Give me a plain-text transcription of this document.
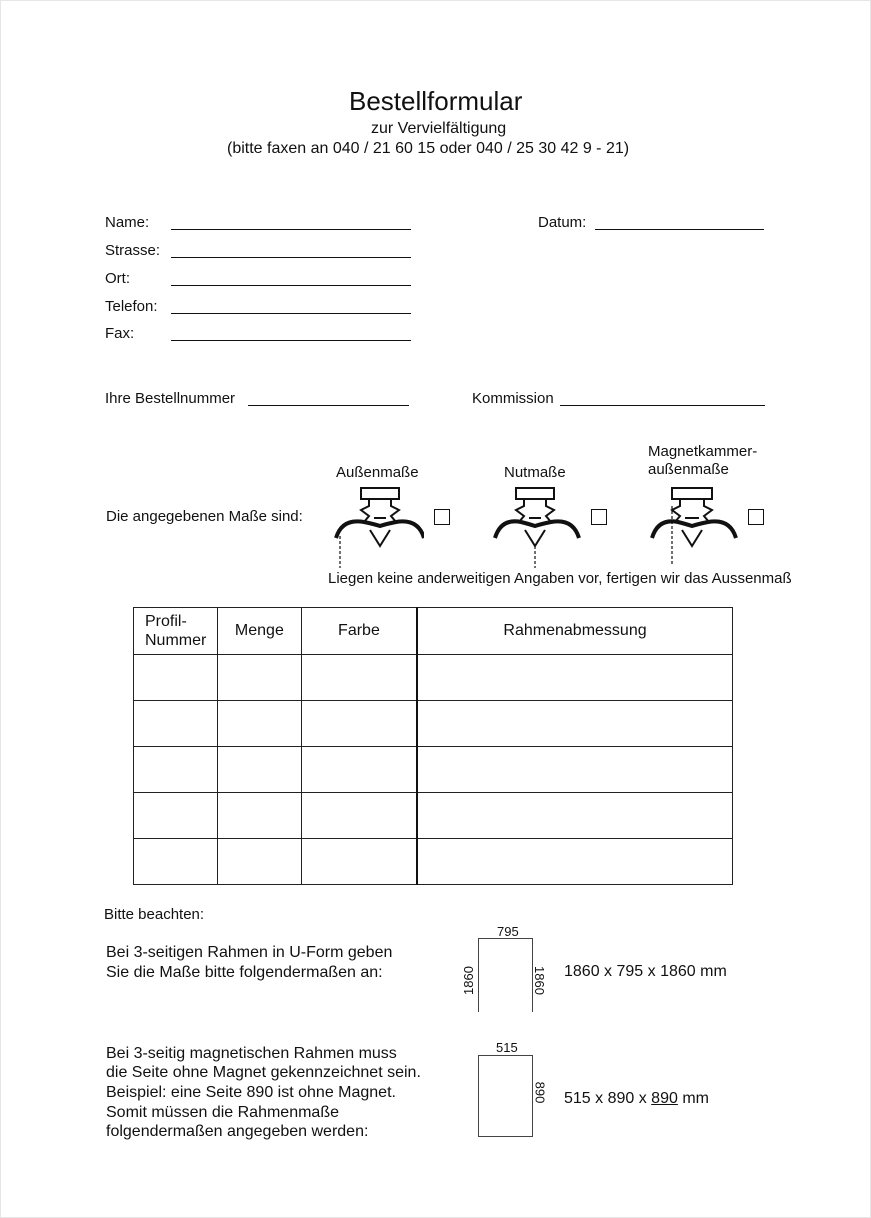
Bestellformular
zur Vervielfältigung
(bitte faxen an 040 / 21 60 15 oder 040 / 25 30 42 9 - 21)
Name:
Strasse:
Ort:
Telefon:
Fax:
Datum:
Ihre Bestellnummer	Kommission
Die angegebenen Maße sind:
Außenmaße	Nutmaße
Magnetkammer-
außenmaße
Liegen keine anderweitigen Angaben vor, fertigen wir das Aussenmaß
Profil-
Nummer	Menge	Farbe	Rahmenabmessung

Bitte beachten:
Bei 3-seitigen Rahmen in U-Form geben
Sie die Maße bitte folgendermaßen an:
795
1860	1860 1860 x 795 x 1860 mm
Bei 3-seitig magnetischen Rahmen muss
die Seite ohne Magnet gekennzeichnet sein.
Beispiel: eine Seite 890 ist ohne Magnet.
Somit müssen die Rahmenmaße
folgendermaßen angegeben werden:
515
890 515 x 890 x 890 mm
